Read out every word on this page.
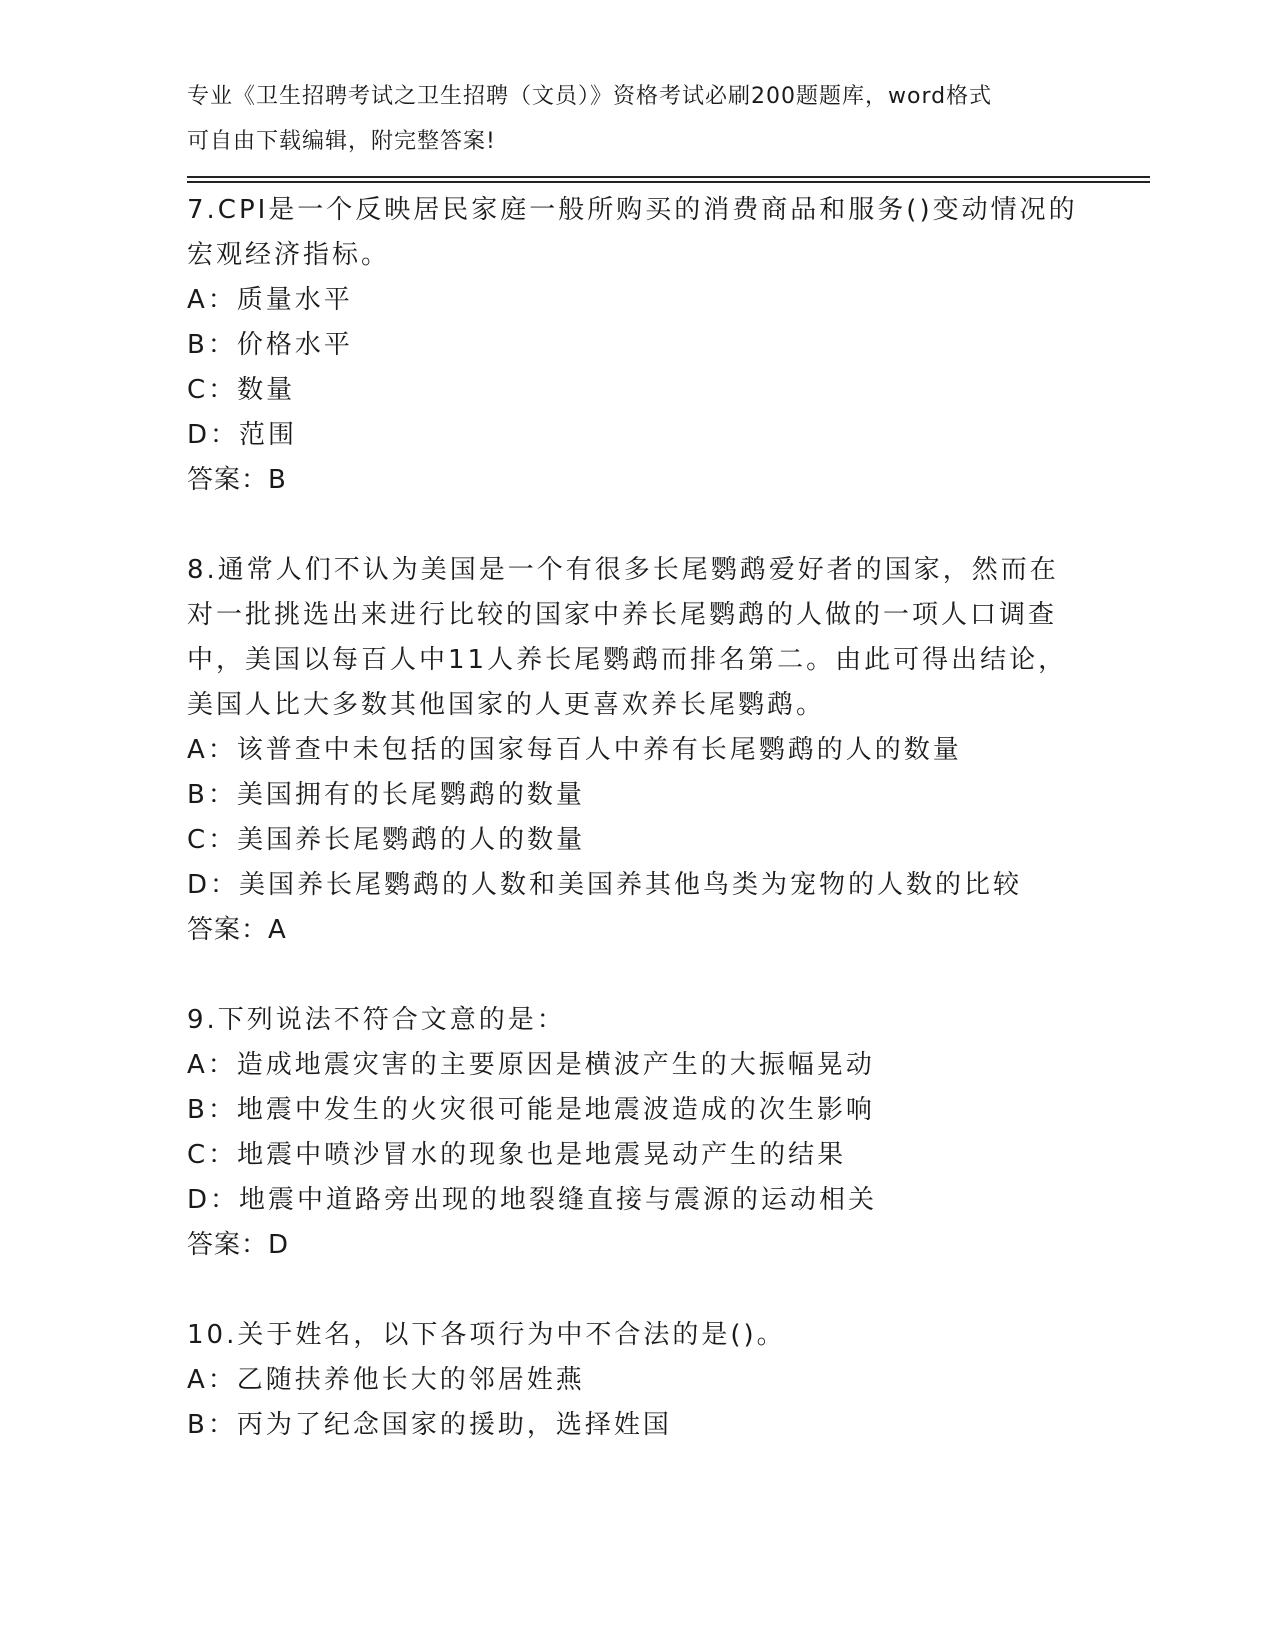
专业《卫生招聘考试之卫生招聘（文员）》资格考试必刷200题题库，word格式
可自由下载编辑，附完整答案!
7.CPI是一个反映居民家庭一般所购买的消费商品和服务()变动情况的
宏观经济指标。
A：质量水平
B：价格水平
C：数量
D：范围
答案：B
8.通常人们不认为美国是一个有很多长尾鹦鹉爱好者的国家，然而在
对一批挑选出来进行比较的国家中养长尾鹦鹉的人做的一项人口调查
中，美国以每百人中11人养长尾鹦鹉而排名第二。由此可得出结论，
美国人比大多数其他国家的人更喜欢养长尾鹦鹉。
A：该普查中未包括的国家每百人中养有长尾鹦鹉的人的数量
B：美国拥有的长尾鹦鹉的数量
C：美国养长尾鹦鹉的人的数量
D：美国养长尾鹦鹉的人数和美国养其他鸟类为宠物的人数的比较
答案：A
9.下列说法不符合文意的是：
A：造成地震灾害的主要原因是横波产生的大振幅晃动
B：地震中发生的火灾很可能是地震波造成的次生影响
C：地震中喷沙冒水的现象也是地震晃动产生的结果
D：地震中道路旁出现的地裂缝直接与震源的运动相关
答案：D
10.关于姓名，以下各项行为中不合法的是()。
A：乙随扶养他长大的邻居姓燕
B：丙为了纪念国家的援助，选择姓国
